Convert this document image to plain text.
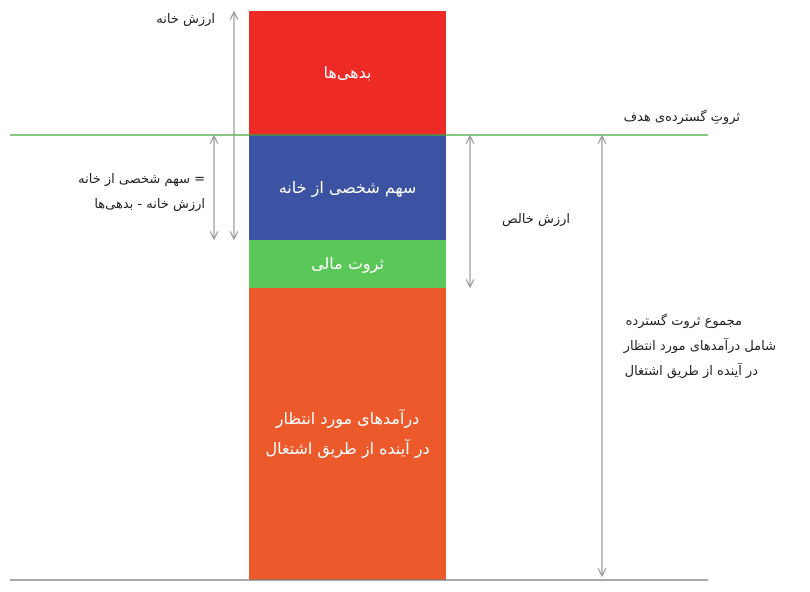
بدهی‌ها
سهم شخصی از خانه
ثروت مالی
درآمدهای مورد انتظار
در آینده از طریق اشتغال
ارزش خانه
ثروتِ گسترده‌ی هدف
= سهم شخصی از خانه
ارزش خانه - بدهی‌ها
ارزش خالص
مجموع ثروت گسترده
شامل درآمدهای مورد انتظار
در آینده از طریق اشتغال
